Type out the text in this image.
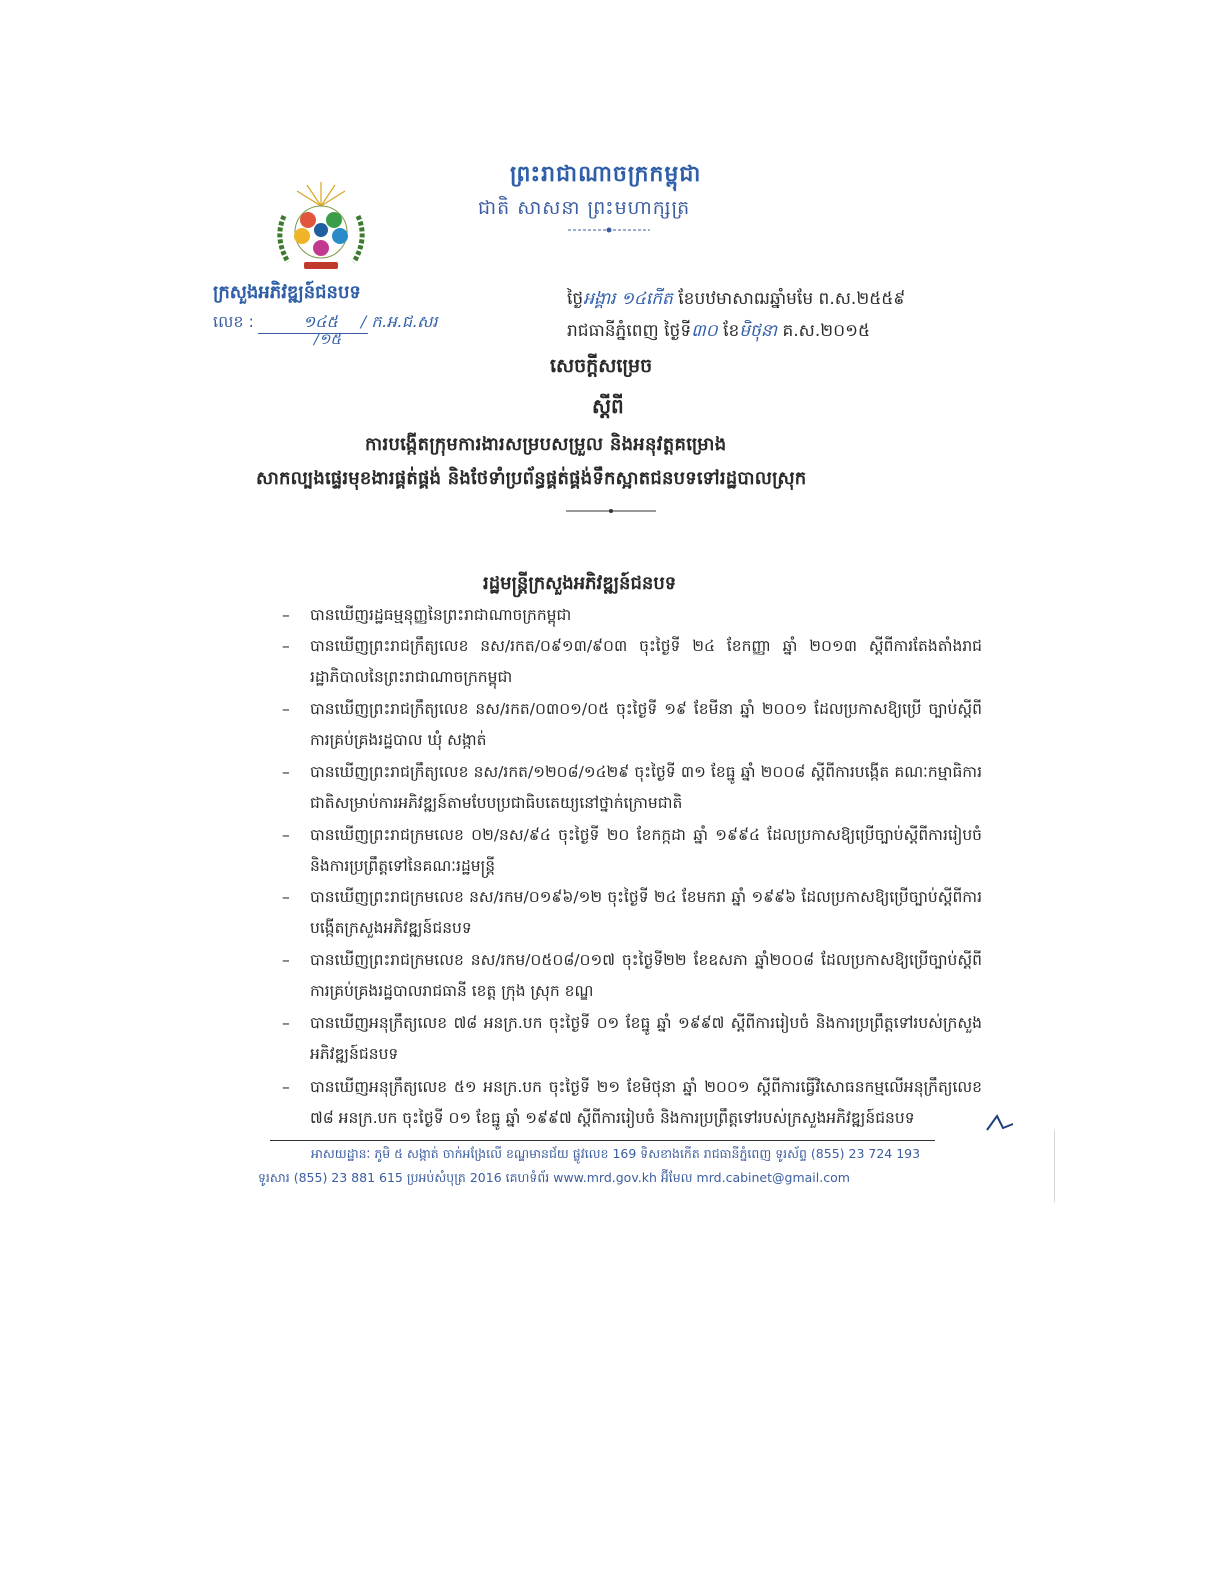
ព្រះរាជាណាចក្រកម្ពុជា
ជាតិ សាសនា ព្រះមហាក្សត្រ
ក្រសួងអភិវឌ្ឍន៍ជនបទ
លេខ :	១៤៥ / ក.អ.ជ.សរ
/១៥
ថ្ងៃអង្គារ ១៤កើត ខែបឋមាសាឍឆ្នាំមមែ ព.ស.២៥៥៩
រាជធានីភ្នំពេញ ថ្ងៃទី៣០ ខែមិថុនា គ.ស.២០១៥
សេចក្តីសម្រេច
ស្តីពី
ការបង្កើតក្រុមការងារសម្របសម្រួល និងអនុវត្តគម្រោង
សាកល្បងផ្ទេរមុខងារផ្គត់ផ្គង់ និងថែទាំប្រព័ន្ធផ្គត់ផ្គង់ទឹកស្អាតជនបទទៅរដ្ឋបាលស្រុក
រដ្ឋមន្រ្តីក្រសួងអភិវឌ្ឍន៍ជនបទ
– បានឃើញរដ្ឋធម្មនុញ្ញនៃព្រះរាជាណាចក្រកម្ពុជា
– បានឃើញព្រះរាជក្រឹត្យលេខ នស/រកត/០៩១៣/៩០៣ ចុះថ្ងៃទី ២៤ ខែកញ្ញា ឆ្នាំ ២០១៣ ស្តីពីការតែងតាំងរាជរដ្ឋាភិបាលនៃព្រះរាជាណាចក្រកម្ពុជា
– បានឃើញព្រះរាជក្រឹត្យលេខ នស/រកត/០៣០១/០៥ ចុះថ្ងៃទី ១៩ ខែមីនា ឆ្នាំ ២០០១ ដែលប្រកាសឱ្យប្រើ ច្បាប់ស្តីពីការគ្រប់គ្រងរដ្ឋបាល ឃុំ សង្កាត់
– បានឃើញព្រះរាជក្រឹត្យលេខ នស/រកត/១២០៨/១៤២៩ ចុះថ្ងៃទី ៣១ ខែធ្នូ ឆ្នាំ ២០០៨ ស្តីពីការបង្កើត គណៈកម្មាធិការជាតិសម្រាប់ការអភិវឌ្ឍន៍តាមបែបប្រជាធិបតេយ្យនៅថ្នាក់ក្រោមជាតិ
– បានឃើញព្រះរាជក្រមលេខ ០២/នស/៩៤ ចុះថ្ងៃទី ២០ ខែកក្កដា ឆ្នាំ ១៩៩៤ ដែលប្រកាសឱ្យប្រើច្បាប់ស្តីពីការរៀបចំ និងការប្រព្រឹត្តទៅនៃគណៈរដ្ឋមន្ត្រី
– បានឃើញព្រះរាជក្រមលេខ នស/រកម/០១៩៦/១២ ចុះថ្ងៃទី ២៤ ខែមករា ឆ្នាំ ១៩៩៦ ដែលប្រកាសឱ្យប្រើច្បាប់ស្តីពីការបង្កើតក្រសួងអភិវឌ្ឍន៍ជនបទ
– បានឃើញព្រះរាជក្រមលេខ នស/រកម/០៥០៨/០១៧ ចុះថ្ងៃទី២២ ខែឧសភា ឆ្នាំ២០០៨ ដែលប្រកាសឱ្យប្រើច្បាប់ស្តីពីការគ្រប់គ្រងរដ្ឋបាលរាជធានី ខេត្ត ក្រុង ស្រុក ខណ្ឌ
– បានឃើញអនុក្រឹត្យលេខ ៧៨ អនក្រ.បក ចុះថ្ងៃទី ០១ ខែធ្នូ ឆ្នាំ ១៩៩៧ ស្តីពីការរៀបចំ និងការប្រព្រឹត្តទៅរបស់ក្រសួងអភិវឌ្ឍន៍ជនបទ
– បានឃើញអនុក្រឹត្យលេខ ៥១ អនក្រ.បក ចុះថ្ងៃទី ២១ ខែមិថុនា ឆ្នាំ ២០០១ ស្តីពីការធ្វើវិសោធនកម្មលើអនុក្រឹត្យលេខ ៧៨ អនក្រ.បក ចុះថ្ងៃទី ០១ ខែធ្នូ ឆ្នាំ ១៩៩៧ ស្តីពីការរៀបចំ និងការប្រព្រឹត្តទៅរបស់ក្រសួងអភិវឌ្ឍន៍ជនបទ
អាសយដ្ឋានៈ ភូមិ ៥ សង្កាត់ ចាក់អង្រែលើ ខណ្ឌមានជ័យ ផ្លូវលេខ 169 ទិសខាងកើត រាជធានីភ្នំពេញ ទូរស័ព្ទ (855) 23 724 193
ទូរសារ (855) 23 881 615 ប្រអប់សំបុត្រ 2016 គេហទំព័រ www.mrd.gov.kh អ៊ីមែល mrd.cabinet@gmail.com
